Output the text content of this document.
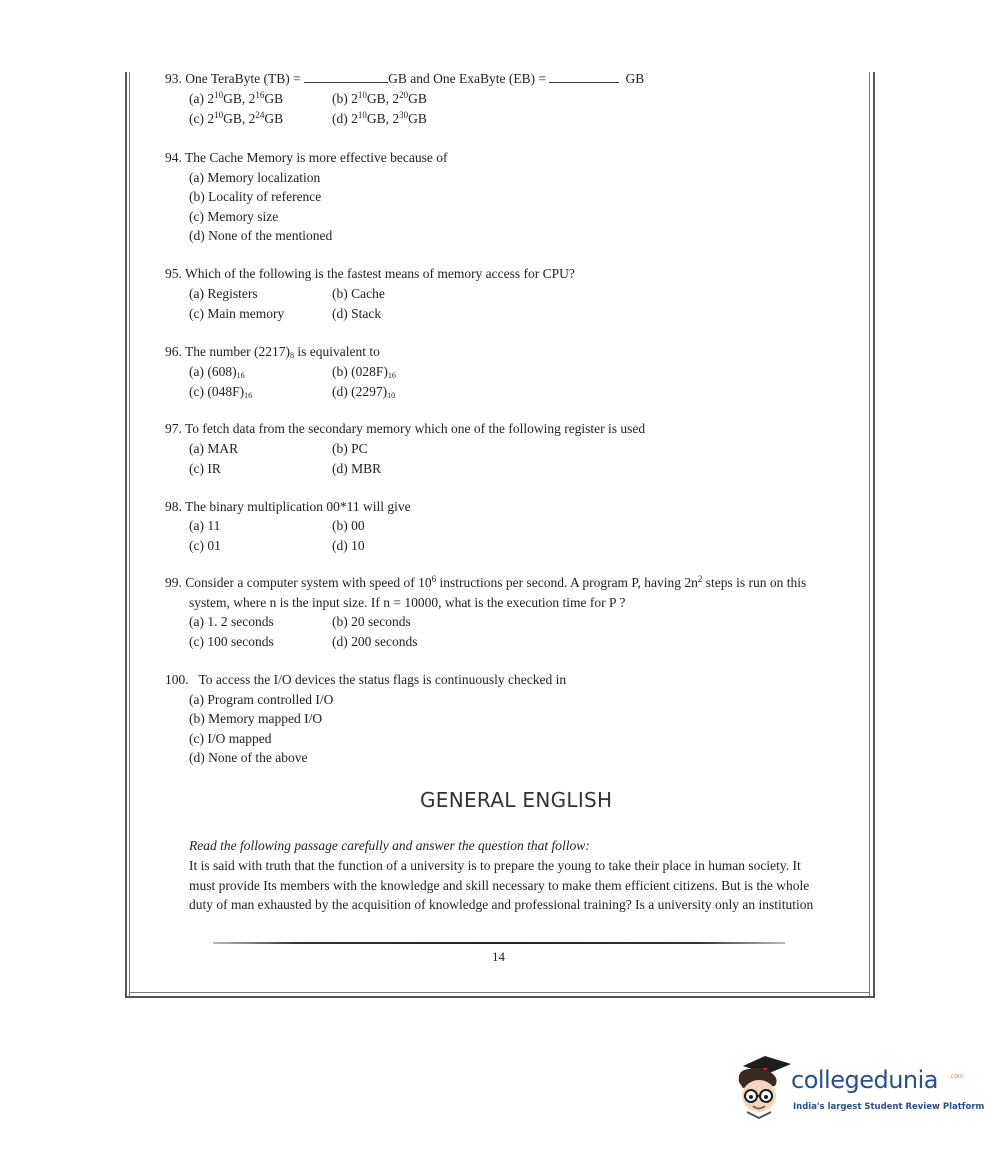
93. One TeraByte (TB) =	GB and One ExaByte (EB) =	GB
(a) $2^{10}GB$, $2^{16}GB$	(b) $2^{10}GB$, $2^{20}GB$
(c) $2^{10}GB$, $2^{24}GB$	(d) $2^{10}GB$, $2^{30}GB$
94. The Cache Memory is more effective because of
(a) Memory localization
(b) Locality of reference
(c) Memory size
(d) None of the mentioned
95. Which of the following is the fastest means of memory access for CPU?
(a) Registers	(b) Cache
(c) Main memory	(d) Stack
96. The number $(2217)_8$ is equivalent to
(a) $(608)_{16}$	(b) $(028F)_{16}$
(c) $(048F)_{16}$	(d) $(2297)_{10}$
97. To fetch data from the secondary memory which one of the following register is used
(a) MAR	(b) PC
(c) IR	(d) MBR
98. The binary multiplication 00*11 will give
(a) 11	(b) 00
(c) 01	(d) 10
99. Consider a computer system with speed of $10^6$ instructions per second. A program P, having $2n^2$ steps is run on this
system, where n is the input size. If n = 10000, what is the execution time for P ?
(a) 1. 2 seconds	(b) 20 seconds
(c) 100 seconds	(d) 200 seconds
100.   To access the I/O devices the status flags is continuously checked in
(a) Program controlled I/O
(b) Memory mapped I/O
(c) I/O mapped
(d) None of the above
GENERAL ENGLISH
Read the following passage carefully and answer the question that follow:
It is said with truth that the function of a university is to prepare the young to take their place in human society. It
must provide Its members with the knowledge and skill necessary to make them efficient citizens. But is the whole
duty of man exhausted by the acquisition of knowledge and professional training? Is a university only an institution
14
collegedunia .com
India's largest Student Review Platform
